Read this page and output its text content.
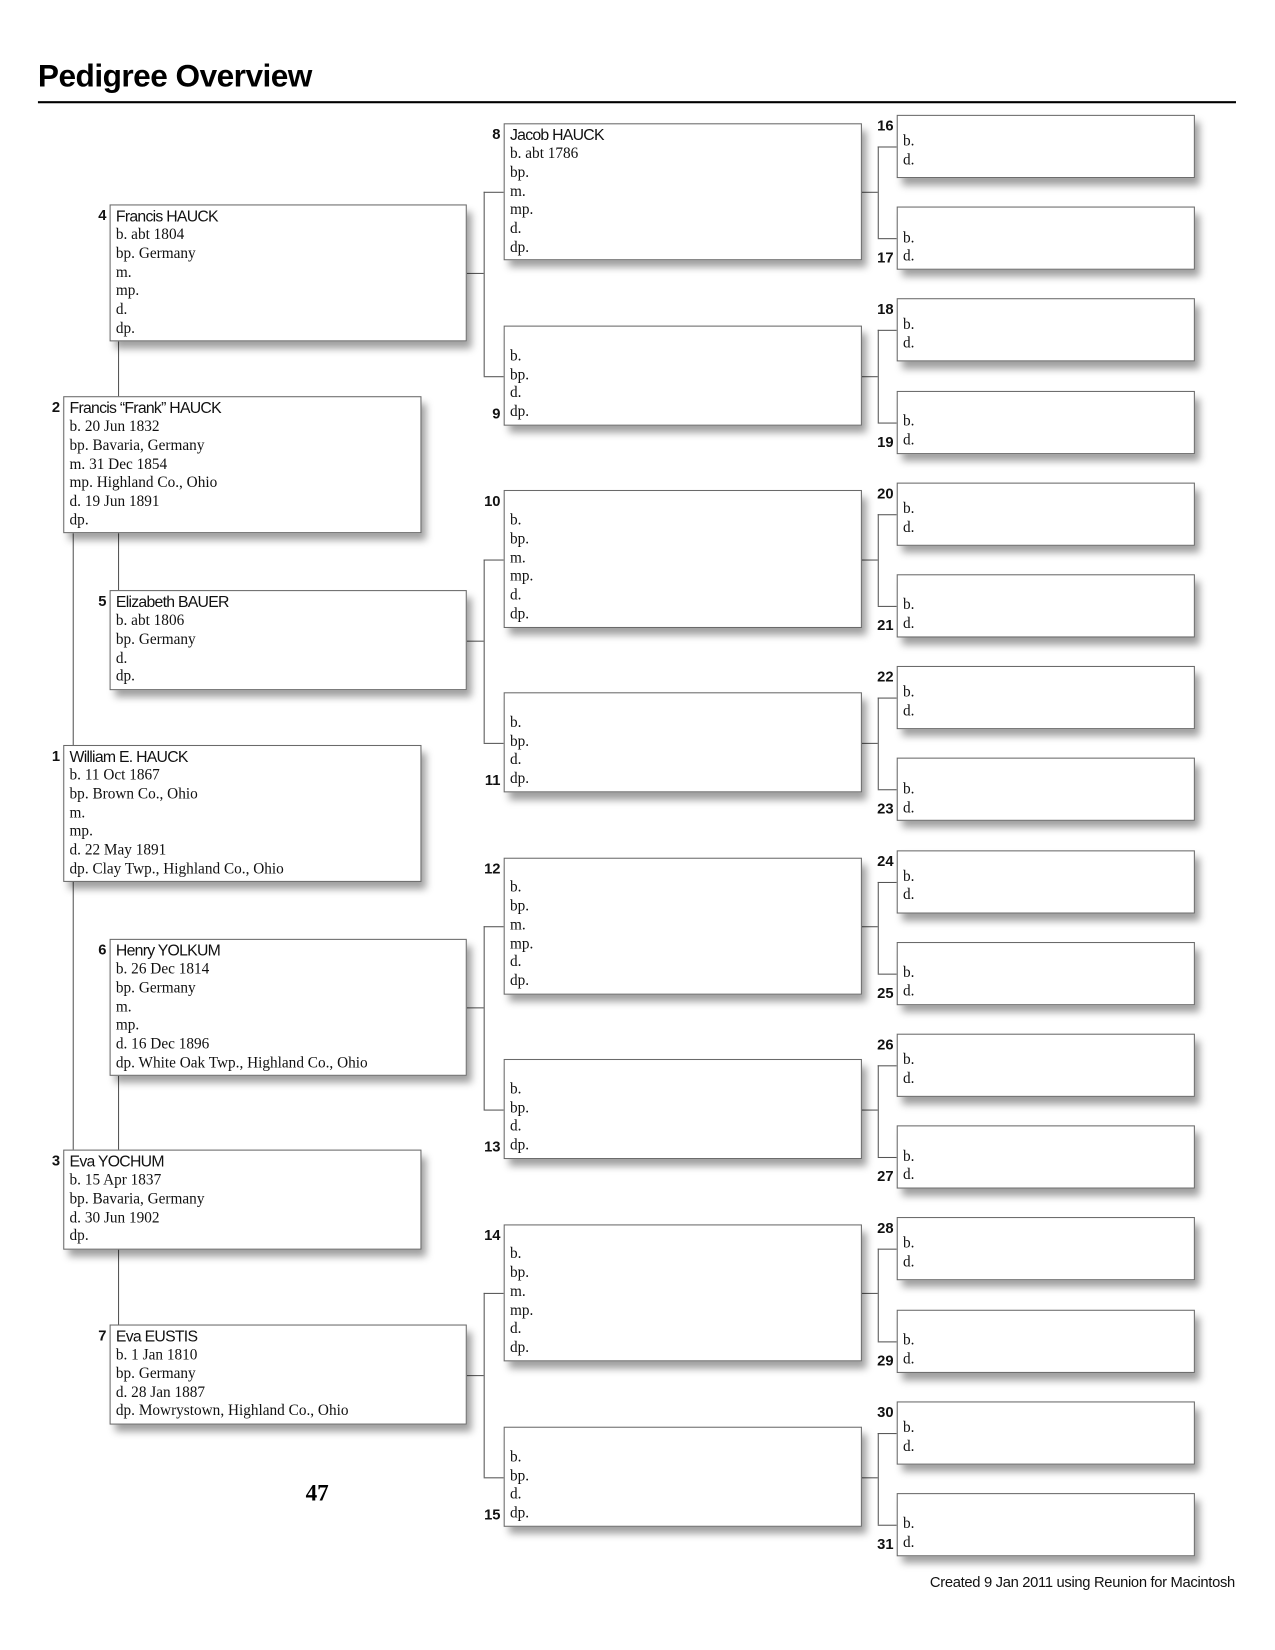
Pedigree Overview
William E. HAUCK
b. 11 Oct 1867
bp. Brown Co., Ohio
m.
mp.
d. 22 May 1891
dp. Clay Twp., Highland Co., Ohio
1
Francis “Frank” HAUCK
b. 20 Jun 1832
bp. Bavaria, Germany
m. 31 Dec 1854
mp. Highland Co., Ohio
d. 19 Jun 1891
dp.
2
Eva YOCHUM
b. 15 Apr 1837
bp. Bavaria, Germany
d. 30 Jun 1902
dp.
3
Francis HAUCK
b. abt 1804
bp. Germany
m.
mp.
d.
dp.
4
Elizabeth BAUER
b. abt 1806
bp. Germany
d.
dp.
5
Henry YOLKUM
b. 26 Dec 1814
bp. Germany
m.
mp.
d. 16 Dec 1896
dp. White Oak Twp., Highland Co., Ohio
6
Eva EUSTIS
b. 1 Jan 1810
bp. Germany
d. 28 Jan 1887
dp. Mowrystown, Highland Co., Ohio
7
Jacob HAUCK
b. abt 1786
bp.
m.
mp.
d.
dp.
8
b.
bp.
d.
dp.
9
b.
bp.
m.
mp.
d.
dp.
10
b.
bp.
d.
dp.
11
b.
bp.
m.
mp.
d.
dp.
12
b.
bp.
d.
dp.
13
b.
bp.
m.
mp.
d.
dp.
14
b.
bp.
d.
dp.
15
b.
d.
16
b.
d.
17
b.
d.
18
b.
d.
19
b.
d.
20
b.
d.
21
b.
d.
22
b.
d.
23
b.
d.
24
b.
d.
25
b.
d.
26
b.
d.
27
b.
d.
28
b.
d.
29
b.
d.
30
b.
d.
31
47
Created 9 Jan 2011 using Reunion for Macintosh
